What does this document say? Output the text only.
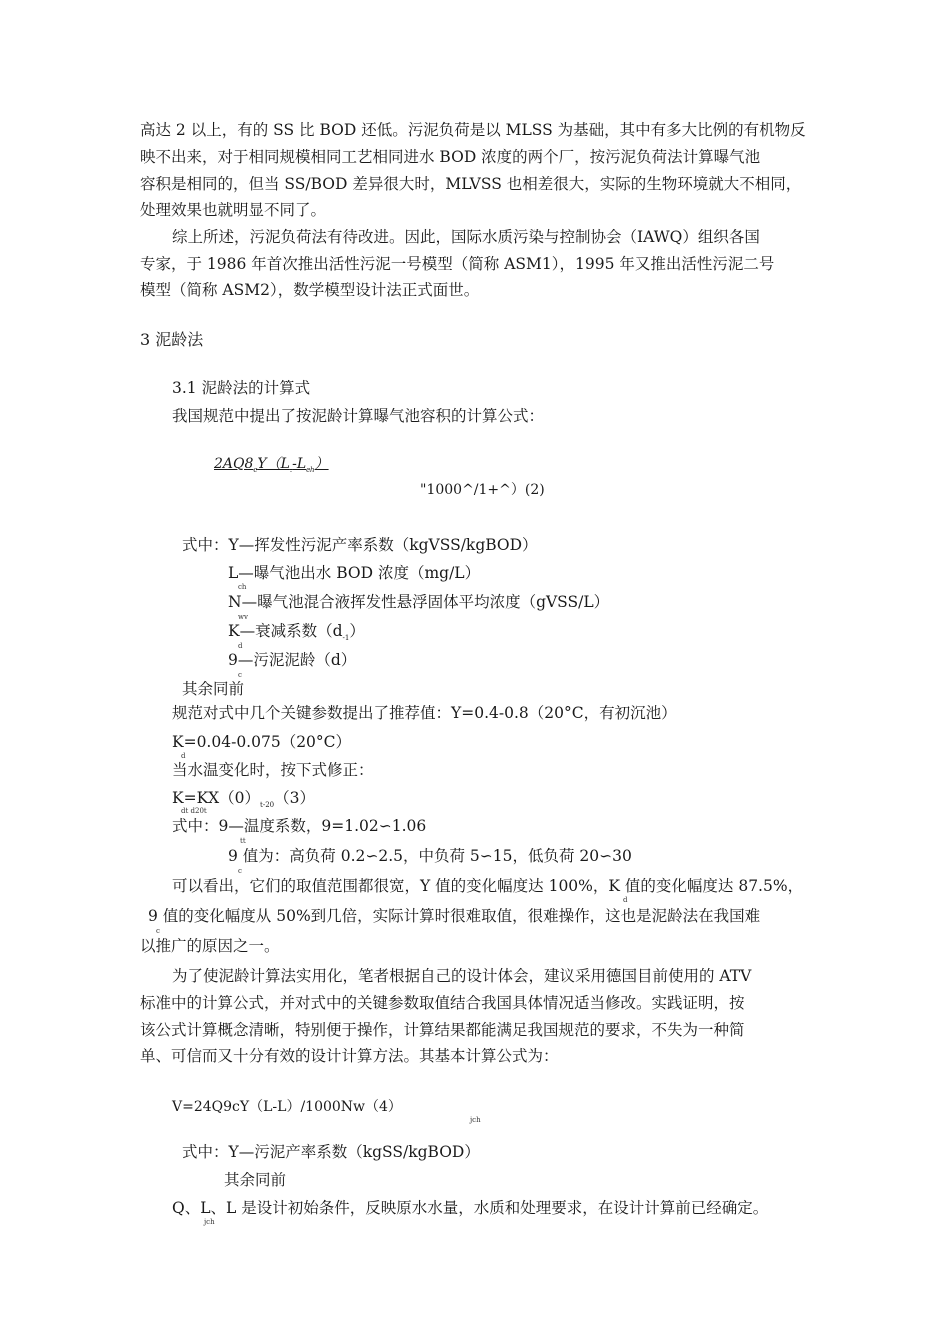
高达 2 以上，有的 SS 比 BOD 还低。污泥负荷是以 MLSS 为基础，其中有多大比例的有机物反
映不出来，对于相同规模相同工艺相同进水 BOD 浓度的两个厂，按污泥负荷法计算曝气池
容积是相同的，但当 SS/BOD 差异很大时，MLVSS 也相差很大，实际的生物环境就大不相同，
处理效果也就明显不同了。
综上所述，污泥负荷法有待改进。因此，国际水质污染与控制协会（IAWQ）组织各国
专家，于 1986 年首次推出活性污泥一号模型（简称 ASM1），1995 年又推出活性污泥二号
模型（简称 ASM2），数学模型设计法正式面世。
3 泥龄法
3.1 泥龄法的计算式
我国规范中提出了按泥龄计算曝气池容积的计算公式：
$2AQ8_cY(L_.-L_{ch})$
"1000^/1+^）(2)
式中：Y—挥发性污泥产率系数（kgVSS/kgBOD）
L—曝气池出水 BOD 浓度（mg/L）
ch
N—曝气池混合液挥发性悬浮固体平均浓度（gVSS/L）
wv
K—衰减系数$(d_{-1})$
d
9—污泥泥龄（d）
c
其余同前
规范对式中几个关键参数提出了推荐值：Y=0.4-0.8（20°C，有初沉池）
K=0.04-0.075（20°C）
d
当水温变化时，按下式修正：
$K=KX(0)_{t-20}(3)$
dt d20t
式中：9—温度系数，9=1.02∽1.06
tt
9 值为：高负荷 0.2∽2.5，中负荷 5∽15，低负荷 20∽30
c
可以看出，它们的取值范围都很宽，Y 值的变化幅度达 100%，K 值的变化幅度达 87.5%，
d
9 值的变化幅度从 50%到几倍，实际计算时很难取值，很难操作，这也是泥龄法在我国难
c
以推广的原因之一。
为了使泥龄计算法实用化，笔者根据自己的设计体会，建议采用德国目前使用的 ATV
标准中的计算公式，并对式中的关键参数取值结合我国具体情况适当修改。实践证明，按
该公式计算概念清晰，特别便于操作，计算结果都能满足我国规范的要求，不失为一种简
单、可信而又十分有效的设计计算方法。其基本计算公式为：
V=24Q9cY（L-L）/1000Nw（4）
jch
式中：Y—污泥产率系数（kgSS/kgBOD）
其余同前
Q、L、L 是设计初始条件，反映原水水量，水质和处理要求，在设计计算前已经确定。
jch
